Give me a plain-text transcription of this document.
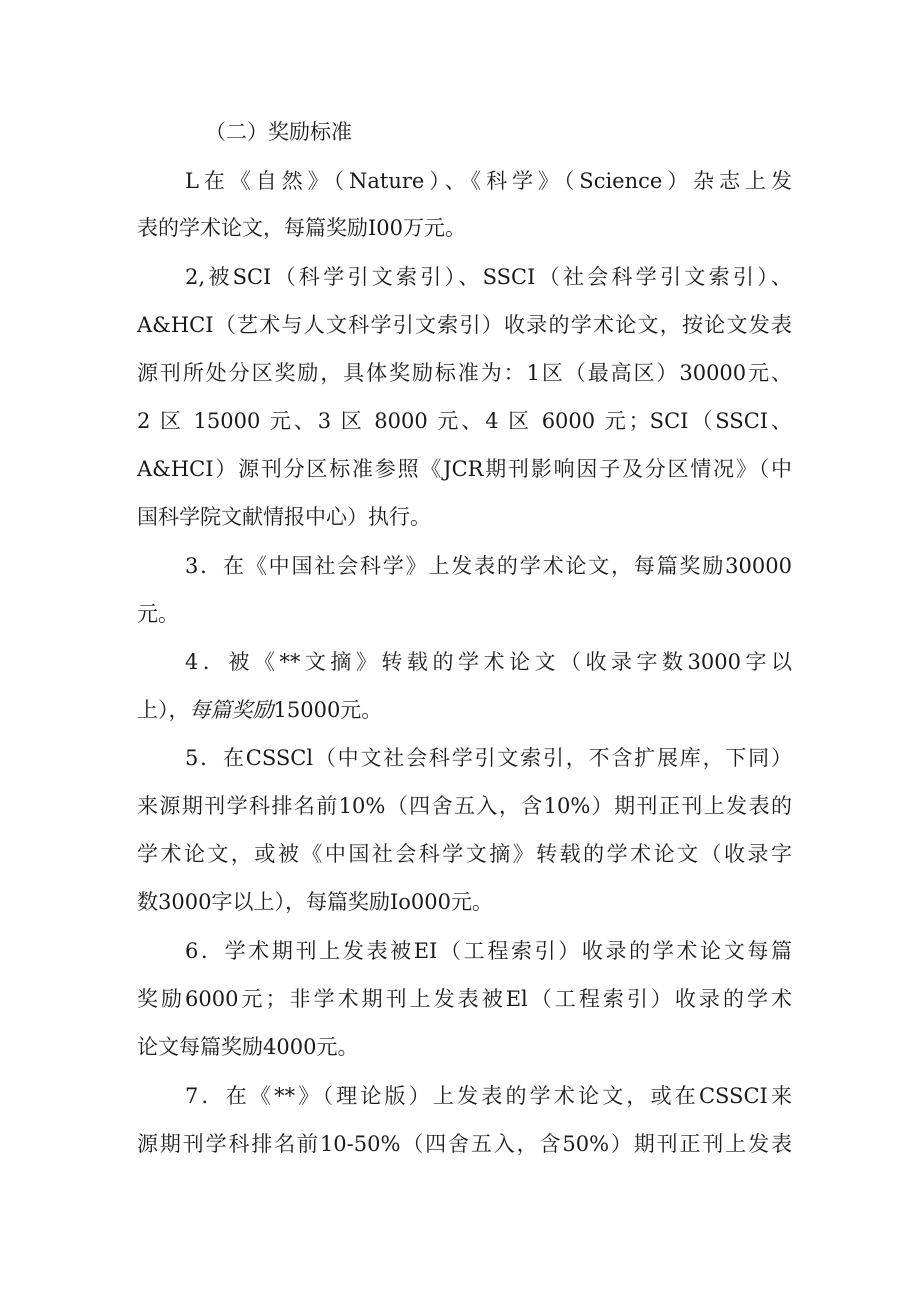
（二）奖励标准
L在《自然》（Nature）、《科学》（Science）杂志上发
表的学术论文，每篇奖励I00万元。
2,被SCI（科学引文索引）、SSCI（社会科学引文索引）、
A&HCI（艺术与人文科学引文索引）收录的学术论文，按论文发表
源刊所处分区奖励，具体奖励标准为：1区（最高区）30000元、
2 区 15000 元、3 区 8000 元、4 区 6000 元；SCI（SSCI、
A&HCI）源刊分区标准参照《JCR期刊影响因子及分区情况》（中
国科学院文献情报中心）执行。
3．在《中国社会科学》上发表的学术论文，每篇奖励30000
元。
4．被《**文摘》转载的学术论文（收录字数3000字以
上），每篇奖励15000元。
5．在CSSCl（中文社会科学引文索引，不含扩展库，下同）
来源期刊学科排名前10%（四舍五入，含10%）期刊正刊上发表的
学术论文，或被《中国社会科学文摘》转载的学术论文（收录字
数3000字以上），每篇奖励Io000元。
6．学术期刊上发表被EI（工程索引）收录的学术论文每篇
奖励6000元；非学术期刊上发表被El（工程索引）收录的学术
论文每篇奖励4000元。
7．在《**》（理论版）上发表的学术论文，或在CSSCI来
源期刊学科排名前10-50%（四舍五入，含50%）期刊正刊上发表
